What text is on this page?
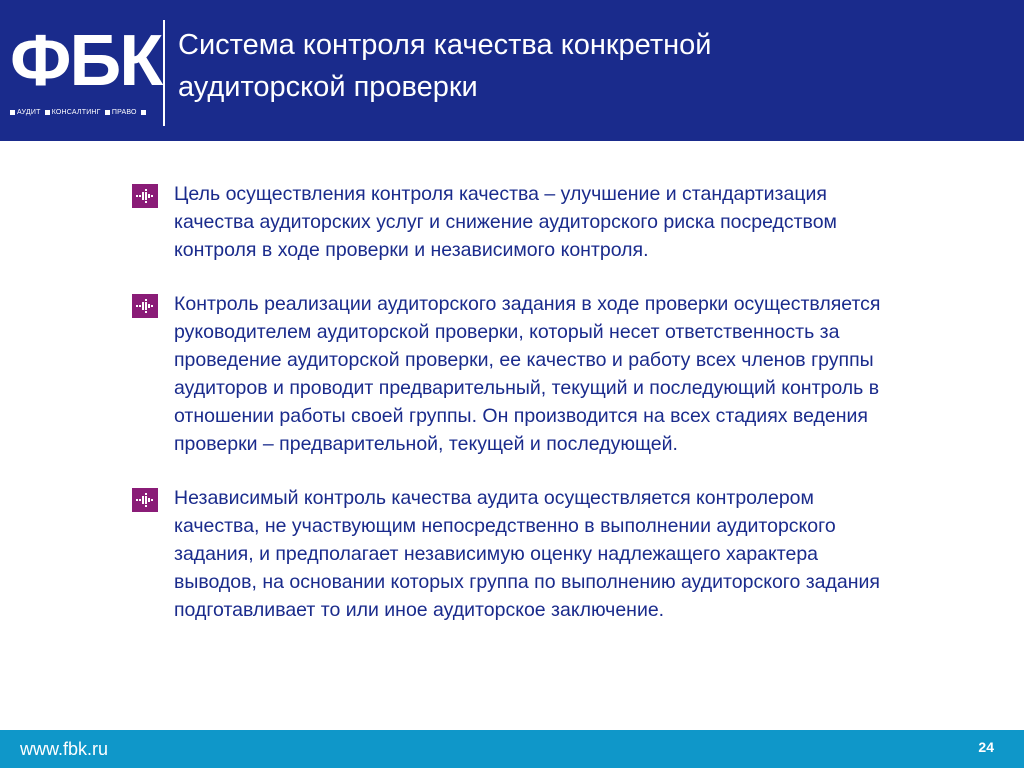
ФБК
АУДИТ КОНСАЛТИНГ ПРАВО
Система контроля качества конкретной
аудиторской проверки
Цель осуществления контроля качества – улучшение и стандартизация
качества аудиторских услуг и снижение аудиторского риска посредством
контроля в ходе проверки и независимого контроля.
Контроль реализации аудиторского задания в ходе проверки осуществляется
руководителем аудиторской проверки, который несет ответственность за
проведение аудиторской проверки, ее качество и работу всех членов группы
аудиторов и проводит предварительный, текущий и последующий контроль в
отношении работы своей группы. Он производится на всех стадиях ведения
проверки – предварительной, текущей и последующей.
Независимый контроль качества аудита осуществляется контролером
качества, не участвующим непосредственно в выполнении аудиторского
задания, и предполагает независимую оценку надлежащего характера
выводов, на основании которых группа по выполнению аудиторского задания
подготавливает то или иное аудиторское заключение.
www.fbk.ru	24
